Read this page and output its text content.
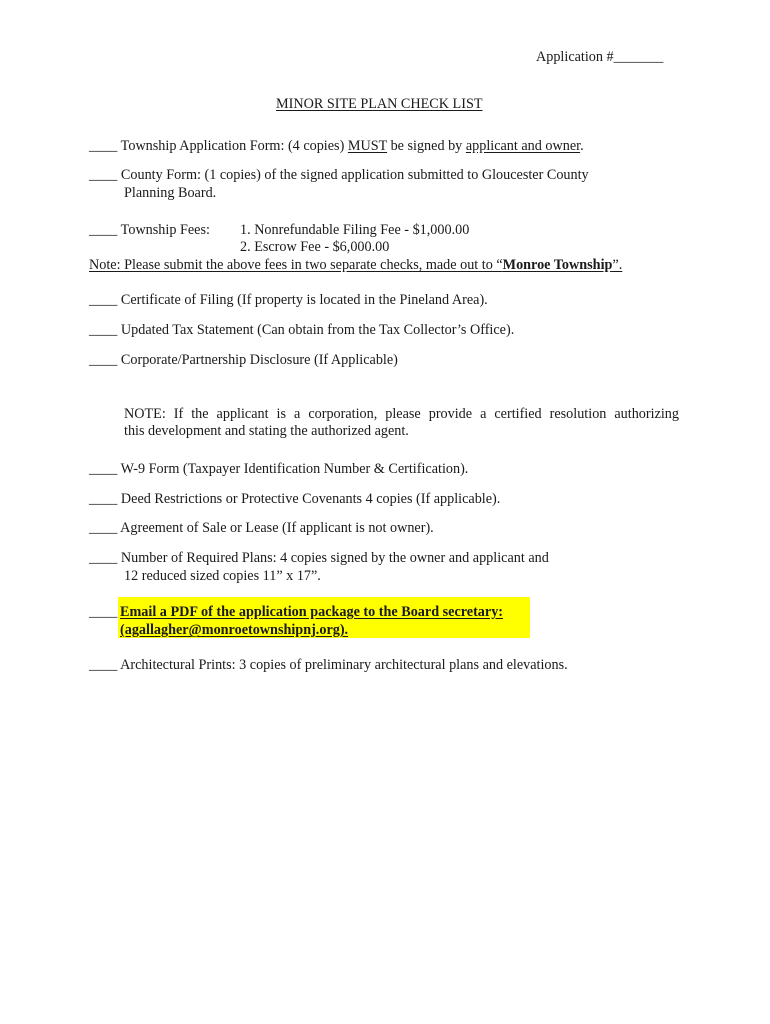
Application #_______
MINOR SITE PLAN CHECK LIST
____ Township Application Form: (4 copies) MUST be signed by applicant and owner.
____ County Form: (1 copies) of the signed application submitted to Gloucester County
Planning Board.
____ Township Fees: 1. Nonrefundable Filing Fee - $1,000.00
2. Escrow Fee - $6,000.00
Note: Please submit the above fees in two separate checks, made out to “Monroe Township”.
____ Certificate of Filing (If property is located in the Pineland Area).
____ Updated Tax Statement (Can obtain from the Tax Collector’s Office).
____ Corporate/Partnership Disclosure (If Applicable)
NOTE: If the applicant is a corporation, please provide a certified resolution authorizing
this development and stating the authorized agent.
____ W-9 Form (Taxpayer Identification Number & Certification).
____ Deed Restrictions or Protective Covenants 4 copies (If applicable).
____ Agreement of Sale or Lease (If applicant is not owner).
____ Number of Required Plans: 4 copies signed by the owner and applicant and
12 reduced sized copies 11” x 17”.
____ Email a PDF of the application package to the Board secretary:
(agallagher@monroetownshipnj.org).
____ Architectural Prints: 3 copies of preliminary architectural plans and elevations.
